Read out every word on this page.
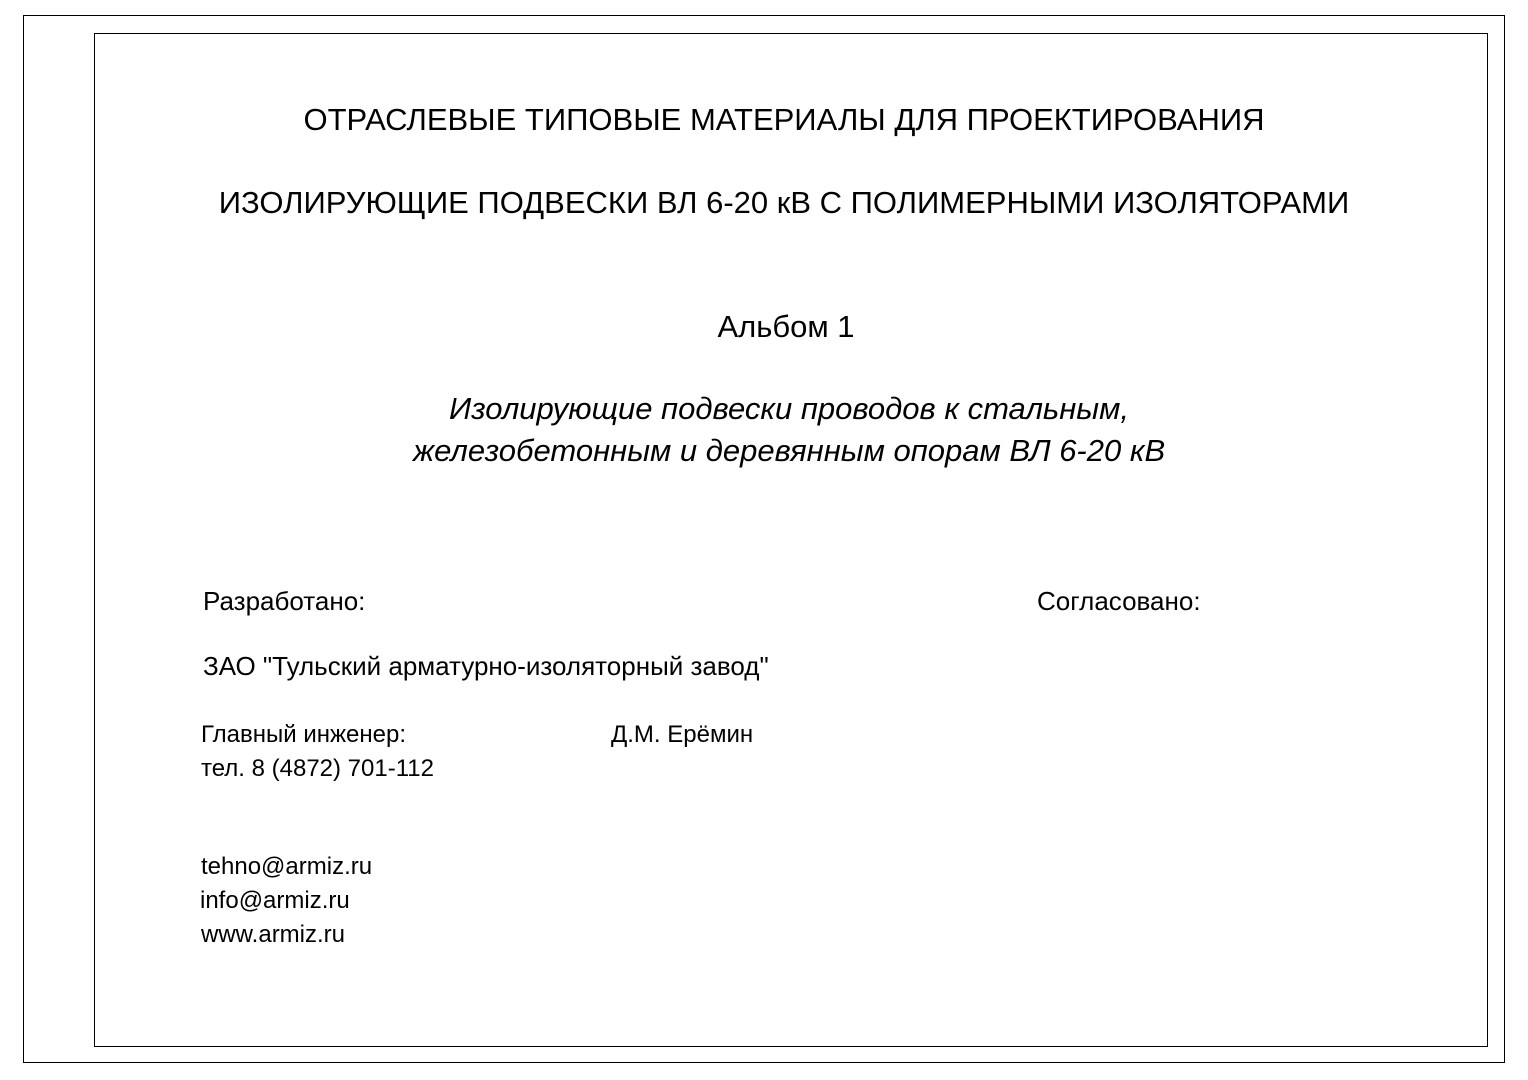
ОТРАСЛЕВЫЕ ТИПОВЫЕ МАТЕРИАЛЫ ДЛЯ ПРОЕКТИРОВАНИЯ
ИЗОЛИРУЮЩИЕ ПОДВЕСКИ ВЛ 6-20 кВ С ПОЛИМЕРНЫМИ ИЗОЛЯТОРАМИ
Альбом 1
Изолирующие подвески проводов к стальным,
железобетонным и деревянным опорам ВЛ 6-20 кВ
Разработано:	Согласовано:
ЗАО "Тульский арматурно-изоляторный завод"
Главный инженер:	Д.М. Ерёмин
тел. 8 (4872) 701-112
tehno@armiz.ru
info@armiz.ru
www.armiz.ru
